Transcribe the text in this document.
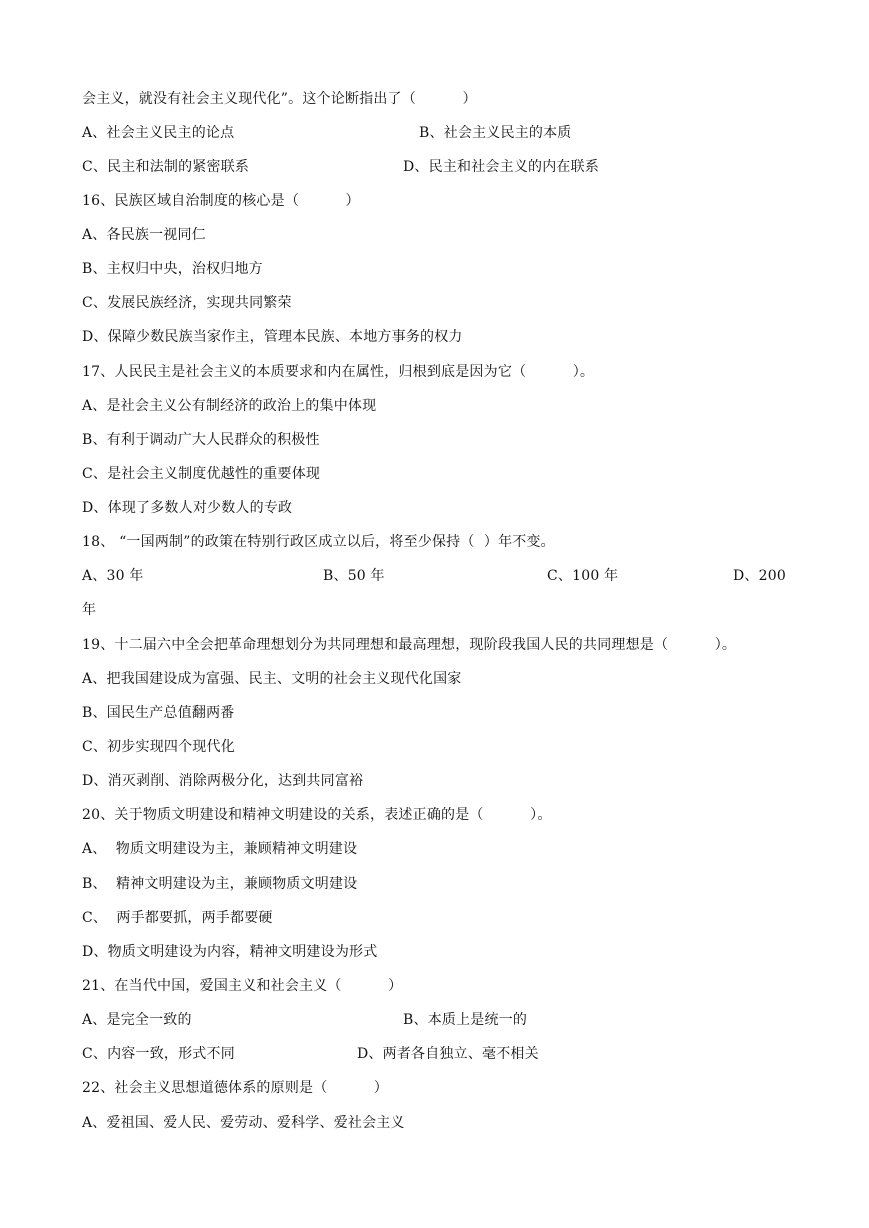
会主义，就没有社会主义现代化”。这个论断指出了（          ）
A、社会主义民主的论点	B、社会主义民主的本质
C、民主和法制的紧密联系	D、民主和社会主义的内在联系
16、民族区域自治制度的核心是（          ）
A、各民族一视同仁
B、主权归中央，治权归地方
C、发展民族经济，实现共同繁荣
D、保障少数民族当家作主，管理本民族、本地方事务的权力
17、人民民主是社会主义的本质要求和内在属性，归根到底是因为它（          ）。
A、是社会主义公有制经济的政治上的集中体现
B、有利于调动广大人民群众的积极性
C、是社会主义制度优越性的重要体现
D、体现了多数人对少数人的专政
18、 “一国两制”的政策在特别行政区成立以后，将至少保持（  ）年不变。
A、30 年	B、50 年	C、100 年	D、200
年
19、十二届六中全会把革命理想划分为共同理想和最高理想，现阶段我国人民的共同理想是（          ）。
A、把我国建设成为富强、民主、文明的社会主义现代化国家
B、国民生产总值翻两番
C、初步实现四个现代化
D、消灭剥削、消除两极分化，达到共同富裕
20、关于物质文明建设和精神文明建设的关系，表述正确的是（          ）。
A、  物质文明建设为主，兼顾精神文明建设
B、  精神文明建设为主，兼顾物质文明建设
C、  两手都要抓，两手都要硬
D、物质文明建设为内容，精神文明建设为形式
21、在当代中国，爱国主义和社会主义（          ）
A、是完全一致的	B、本质上是统一的
C、内容一致，形式不同	D、两者各自独立、毫不相关
22、社会主义思想道德体系的原则是（          ）
A、爱祖国、爱人民、爱劳动、爱科学、爱社会主义
